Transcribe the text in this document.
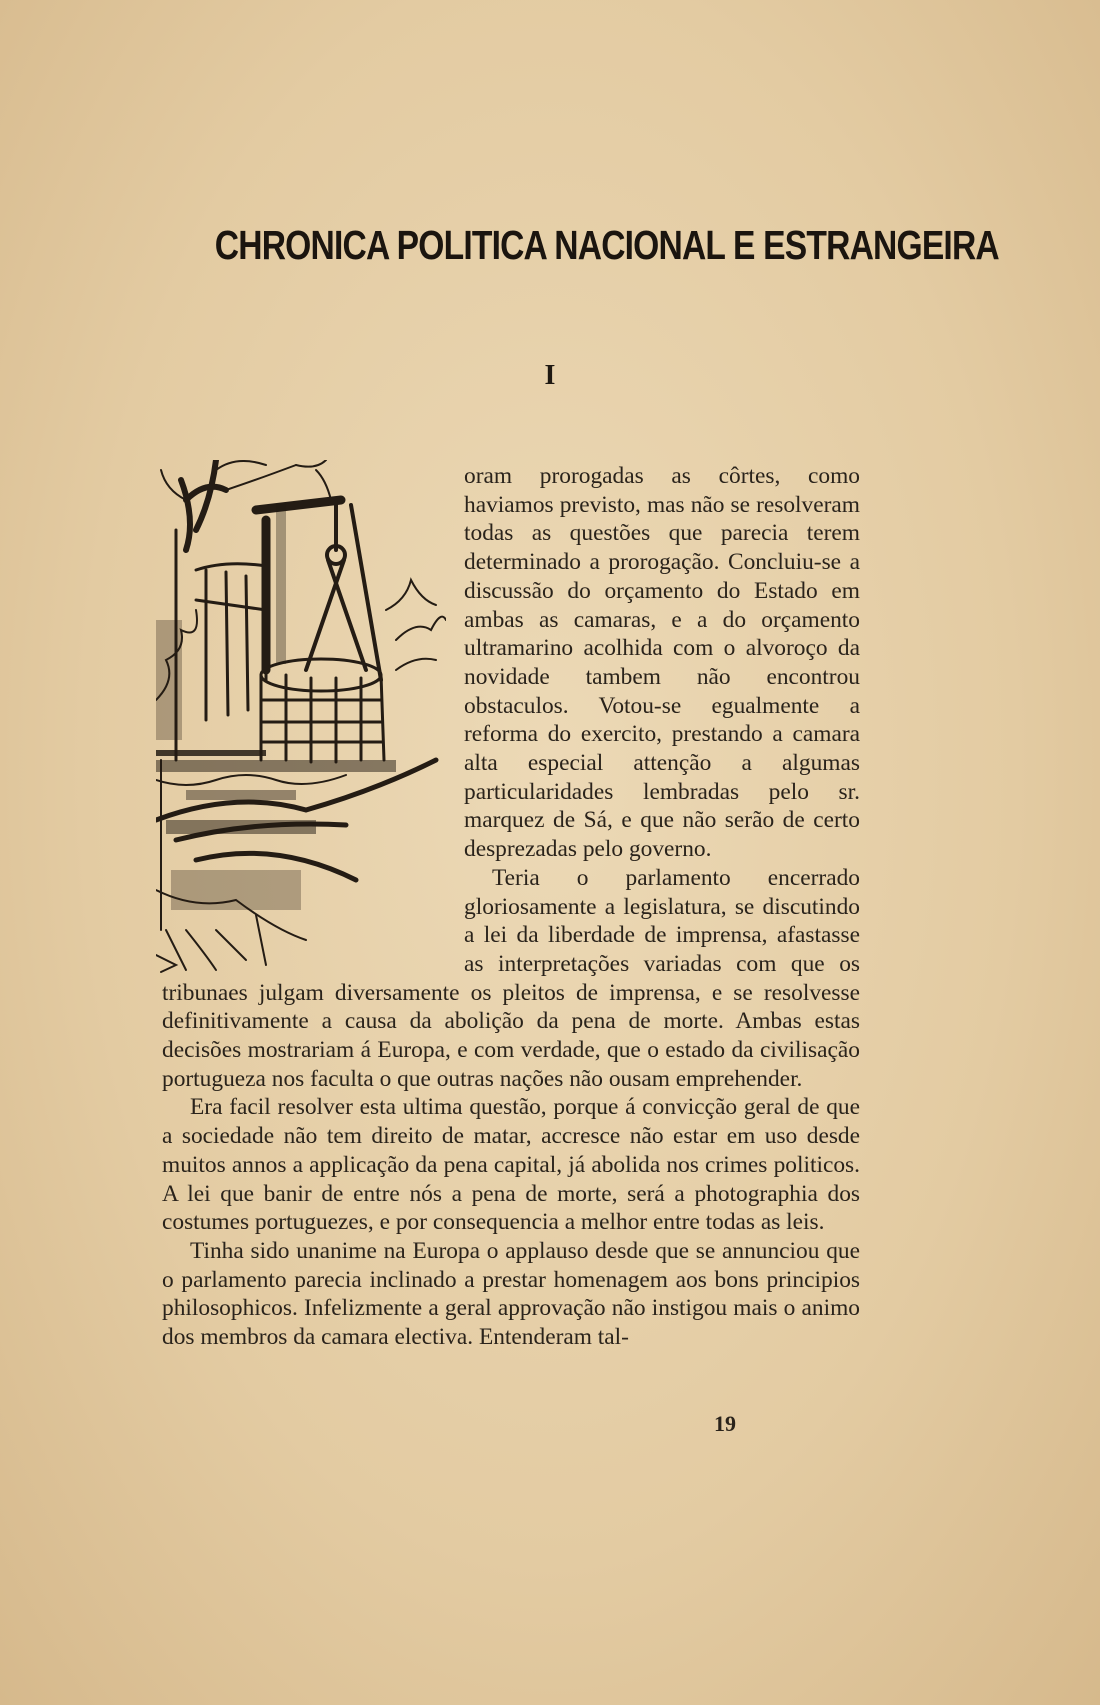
CHRONICA POLITICA NACIONAL E ESTRANGEIRA
I

oram prorogadas as côrtes, como haviamos previsto, mas não se resolveram todas as questões que parecia terem determinado a prorogação. Concluiu-se a discussão do orçamento do Estado em ambas as camaras, e a do orçamento ultramarino acolhida com o alvoroço da novidade tambem não encontrou obstaculos. Votou-se egualmente a reforma do exercito, prestando a camara alta especial attenção a algumas particularidades lembradas pelo sr. marquez de Sá, e que não serão de certo desprezadas pelo governo.

Teria o parlamento encerrado gloriosamente a legislatura, se discutindo a lei da liberdade de imprensa, afastasse as interpretações variadas com que os tribunaes julgam diversamente os pleitos de imprensa, e se resolvesse definitivamente a causa da abolição da pena de morte. Ambas estas decisões mostrariam á Europa, e com verdade, que o estado da civilisação portugueza nos faculta o que outras nações não ousam emprehender.

Era facil resolver esta ultima questão, porque á convicção geral de que a sociedade não tem direito de matar, accresce não estar em uso desde muitos annos a applicação da pena capital, já abolida nos crimes politicos. A lei que banir de entre nós a pena de morte, será a photographia dos costumes portuguezes, e por consequencia a melhor entre todas as leis.

Tinha sido unanime na Europa o applauso desde que se annunciou que o parlamento parecia inclinado a prestar homenagem aos bons principios philosophicos. Infelizmente a geral approvação não instigou mais o animo dos membros da camara electiva. Entenderam tal-

19
